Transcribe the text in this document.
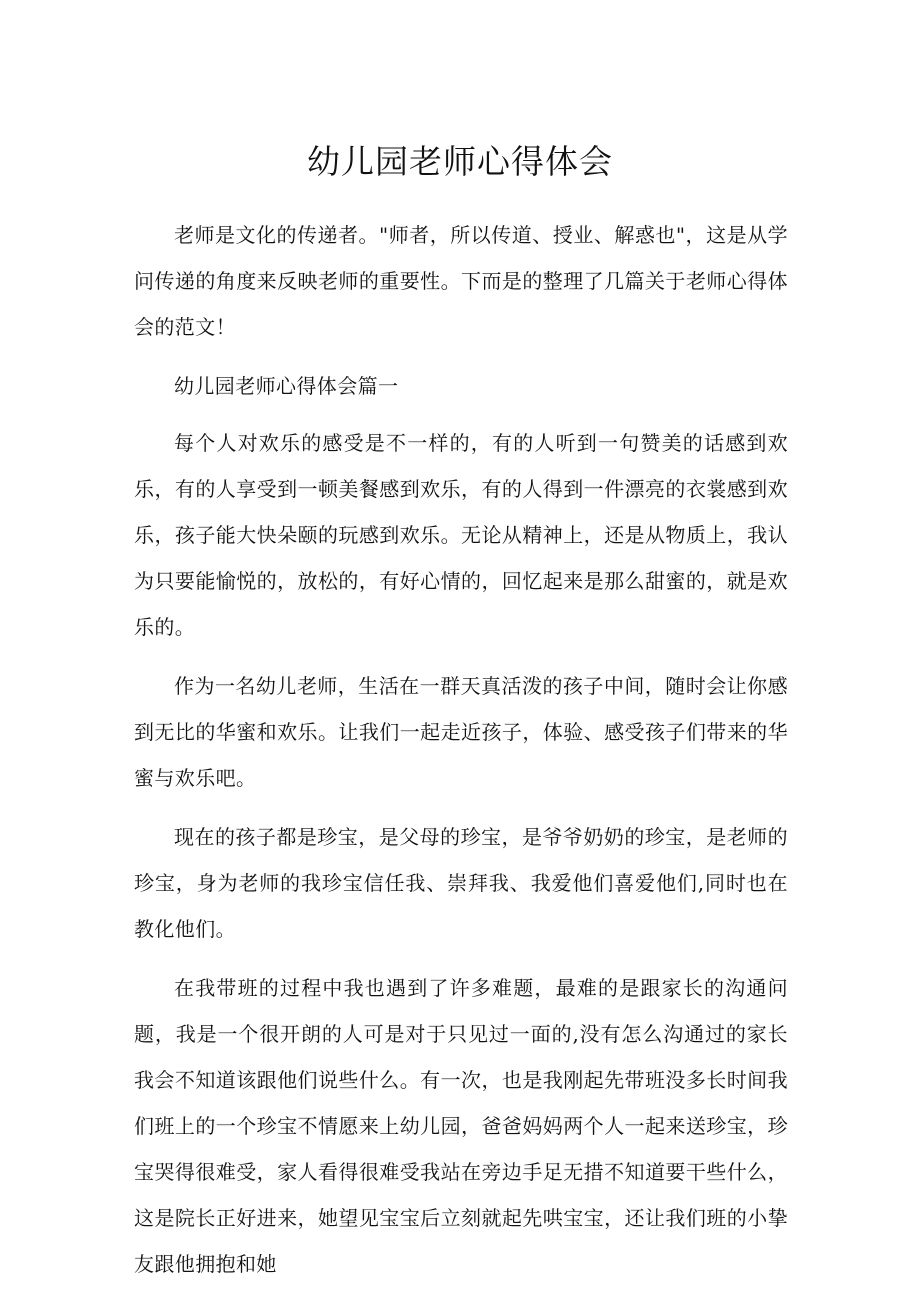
幼儿园老师心得体会

老师是文化的传递者。"师者，所以传道、授业、解惑也"，这是从学问传递的角度来反映老师的重要性。下而是的整理了几篇关于老师心得体会的范文！

幼儿园老师心得体会篇一

每个人对欢乐的感受是不一样的，有的人听到一句赞美的话感到欢乐，有的人享受到一顿美餐感到欢乐，有的人得到一件漂亮的衣裳感到欢乐，孩子能大快朵颐的玩感到欢乐。无论从精神上，还是从物质上，我认为只要能愉悦的，放松的，有好心情的，回忆起来是那么甜蜜的，就是欢乐的。

作为一名幼儿老师，生活在一群天真活泼的孩子中间，随时会让你感到无比的华蜜和欢乐。让我们一起走近孩子，体验、感受孩子们带来的华蜜与欢乐吧。

现在的孩子都是珍宝，是父母的珍宝，是爷爷奶奶的珍宝，是老师的珍宝，身为老师的我珍宝信任我、崇拜我、我爱他们喜爱他们,同时也在教化他们。

在我带班的过程中我也遇到了许多难题，最难的是跟家长的沟通问题，我是一个很开朗的人可是对于只见过一面的,没有怎么沟通过的家长我会不知道该跟他们说些什么。有一次，也是我刚起先带班没多长时间我们班上的一个珍宝不情愿来上幼儿园，爸爸妈妈两个人一起来送珍宝，珍宝哭得很难受，家人看得很难受我站在旁边手足无措不知道要干些什么，这是院长正好进来，她望见宝宝后立刻就起先哄宝宝，还让我们班的小挚友跟他拥抱和她
